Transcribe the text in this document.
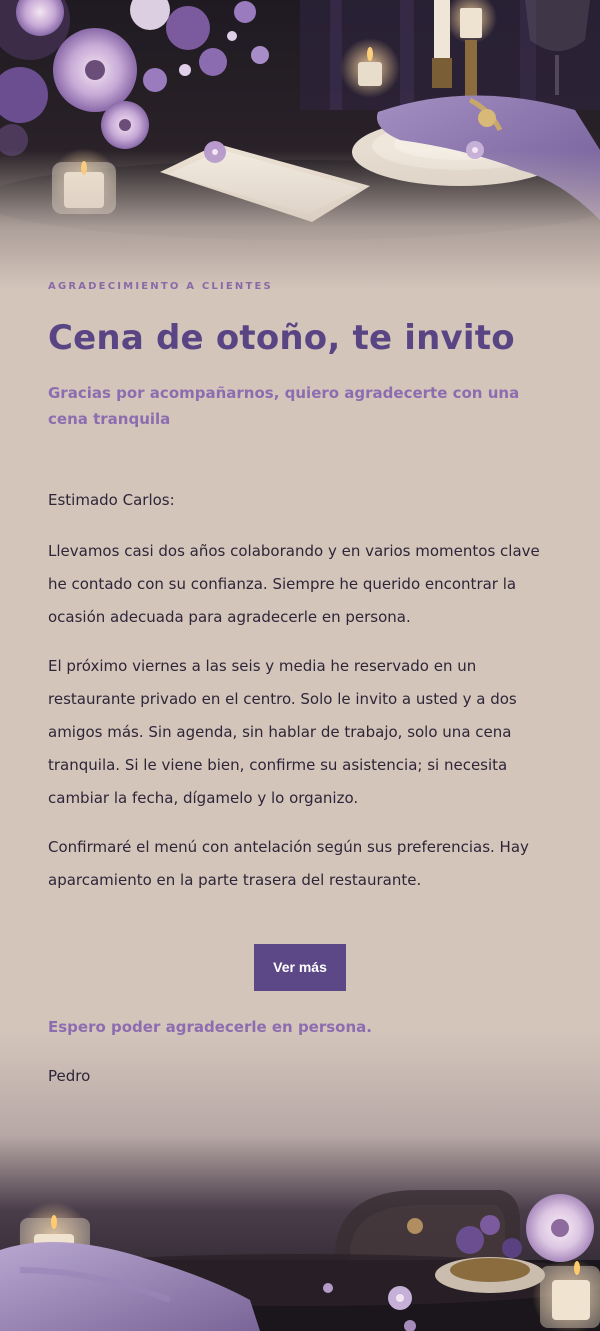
AGRADECIMIENTO A CLIENTES
Cena de otoño, te invito

Gracias por acompañarnos, quiero agradecerte con una cena tranquila

Estimado Carlos:

Llevamos casi dos años colaborando y en varios momentos clave he contado con su confianza. Siempre he querido encontrar la ocasión adecuada para agradecerle en persona.

El próximo viernes a las seis y media he reservado en un restaurante privado en el centro. Solo le invito a usted y a dos amigos más. Sin agenda, sin hablar de trabajo, solo una cena tranquila. Si le viene bien, confirme su asistencia; si necesita cambiar la fecha, dígamelo y lo organizo.

Confirmaré el menú con antelación según sus preferencias. Hay aparcamiento en la parte trasera del restaurante.

Ver más
Espero poder agradecerle en persona.
Pedro
